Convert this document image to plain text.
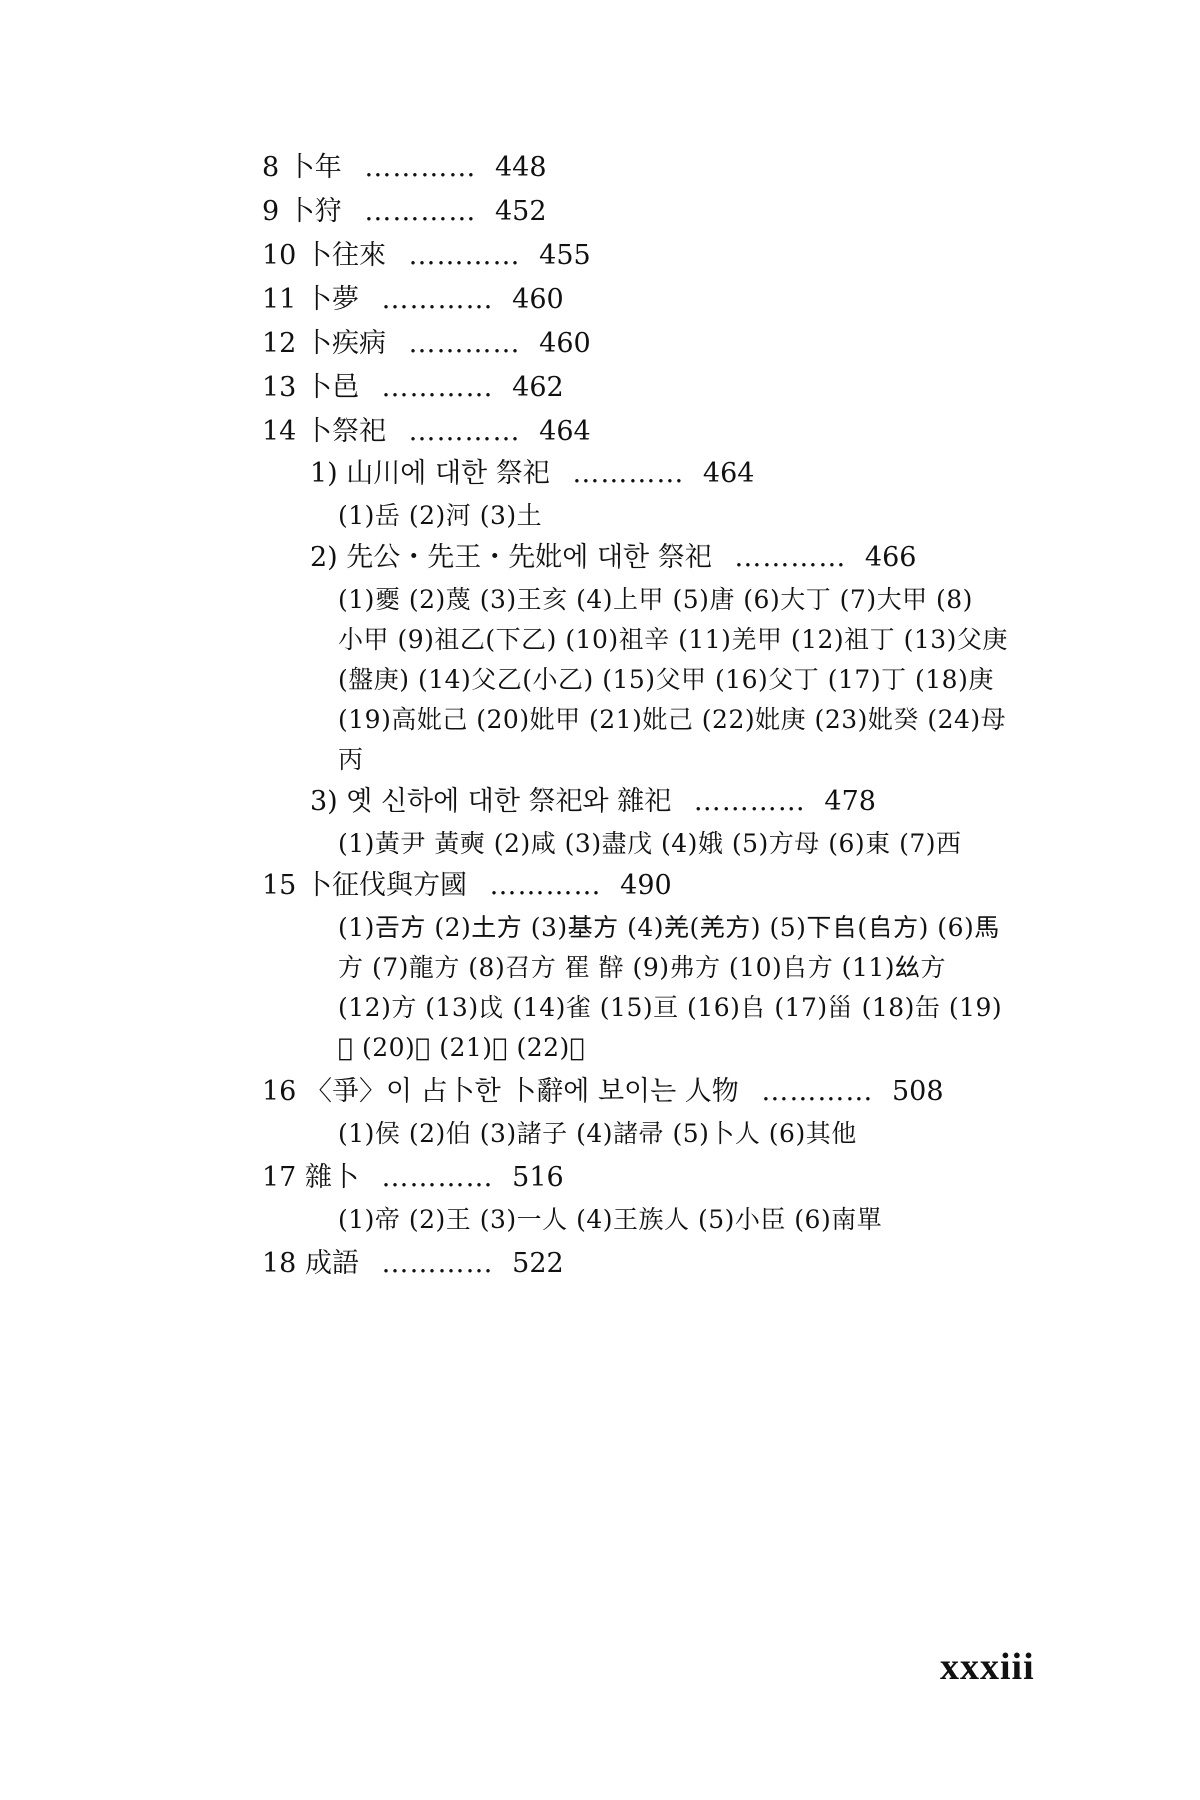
8 卜年 ………… 448
9 卜狩 ………… 452
10 卜往來 ………… 455
11 卜夢 ………… 460
12 卜疾病 ………… 460
13 卜邑 ………… 462
14 卜祭祀 ………… 464
1) 山川에 대한 祭祀 ………… 464
(1)岳 (2)河 (3)土
2) 先公・先王・先妣에 대한 祭祀 ………… 466
(1)夒 (2)蔑 (3)王亥 (4)上甲 (5)唐 (6)大丁 (7)大甲 (8)
小甲 (9)祖乙(下乙) (10)祖辛 (11)羌甲 (12)祖丁 (13)父庚
(盤庚) (14)父乙(小乙) (15)父甲 (16)父丁 (17)丁 (18)庚
(19)高妣己 (20)妣甲 (21)妣己 (22)妣庚 (23)妣癸 (24)母
丙
3) 옛 신하에 대한 祭祀와 雜祀 ………… 478
(1)黃尹 黃奭 (2)咸 (3)盡戊 (4)娥 (5)方母 (6)東 (7)西
15 卜征伐與方國 ………… 490
(1)𢀛方 (2)土方 (3)基方 (4)羌(羌方) (5)下𠂤(𠂤方) (6)馬
方 (7)龍方 (8)召方 䍜 辥 (9)弗方 (10)𠂤方 (11)𢆶方
(12)方 (13)戉 (14)雀 (15)亘 (16)𠂤 (17)甾 (18)缶 (19)
𤞷 (20)戈 (21)東 (22)𦣻
16 〈爭〉이 占卜한 卜辭에 보이는 人物 ………… 508
(1)侯 (2)伯 (3)諸子 (4)諸帚 (5)卜人 (6)其他
17 雜卜 ………… 516
(1)帝 (2)王 (3)一人 (4)王族人 (5)小臣 (6)南單
18 成語 ………… 522
xxxiii
